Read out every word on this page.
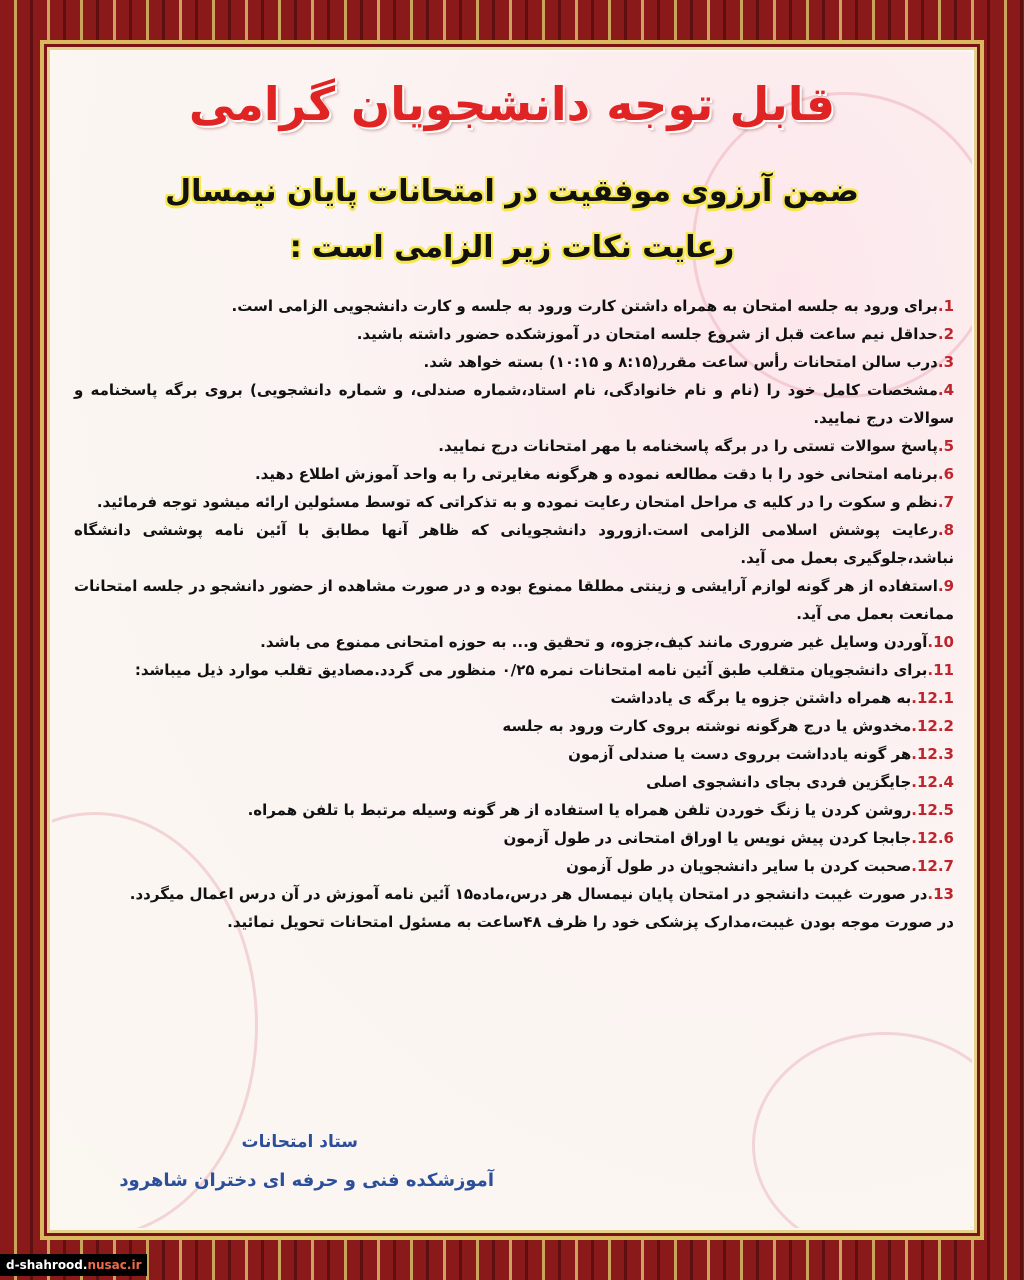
قابل توجه دانشجویان گرامی
ضمن آرزوی موفقیت در امتحانات پایان نیمسال
رعایت نکات زیر الزامی است :
1.برای ورود به جلسه امتحان به همراه داشتن کارت ورود به جلسه و کارت دانشجویی الزامی است.
2.حداقل نیم ساعت قبل از شروع جلسه امتحان در آموزشکده حضور داشته باشید.
3.درب سالن امتحانات رأس ساعت مقرر(۸:۱۵ و ۱۰:۱۵) بسته خواهد شد.
4.مشخصات کامل خود را (نام و نام خانوادگی، نام استاد،شماره صندلی، و شماره دانشجویی) بروی برگه پاسخنامه و سوالات درج نمایید.
5.پاسخ سوالات تستی را در برگه پاسخنامه با مهر امتحانات درج نمایید.
6.برنامه امتحانی خود را با دقت مطالعه نموده و هرگونه مغایرتی را به واحد آموزش اطلاع دهید.
7.نظم و سکوت را در کلیه ی مراحل امتحان رعایت نموده و به تذکراتی که توسط مسئولین ارائه میشود توجه فرمائید.
8.رعایت پوشش اسلامی الزامی است.ازورود دانشجویانی که ظاهر آنها مطابق با آئین نامه پوششی دانشگاه نباشد،جلوگیری بعمل می آید.
9.استفاده از هر گونه لوازم آرایشی و زینتی مطلقا ممنوع بوده و در صورت مشاهده از حضور دانشجو در جلسه امتحانات ممانعت بعمل می آید.
10.آوردن وسایل غیر ضروری مانند کیف،جزوه، و تحقیق و... به حوزه امتحانی ممنوع می باشد.
11.برای دانشجویان متقلب طبق آئین نامه امتحانات نمره ۰/۲۵ منظور می گردد.مصادیق تقلب موارد ذیل میباشد:
12.1.به همراه داشتن جزوه یا برگه ی یادداشت
12.2.مخدوش یا درج هرگونه نوشته بروی کارت ورود به جلسه
12.3.هر گونه یادداشت برروی دست یا صندلی آزمون
12.4.جایگزین فردی بجای دانشجوی اصلی
12.5.روشن کردن یا زنگ خوردن تلفن همراه یا استفاده از هر گونه وسیله مرتبط با تلفن همراه.
12.6.جابجا کردن پیش نویس یا اوراق امتحانی در طول آزمون
12.7.صحبت کردن با سایر دانشجویان در طول آزمون
13.در صورت غیبت دانشجو در امتحان پایان نیمسال هر درس،ماده۱۵ آئین نامه آموزش در آن درس اعمال میگردد.
در صورت موجه بودن غیبت،مدارک پزشکی خود را ظرف ۴۸ساعت به مسئول امتحانات تحویل نمائید.
ستاد امتحانات
آموزشکده فنی و حرفه ای دختران شاهرود
d-shahrood.nusac.ir
